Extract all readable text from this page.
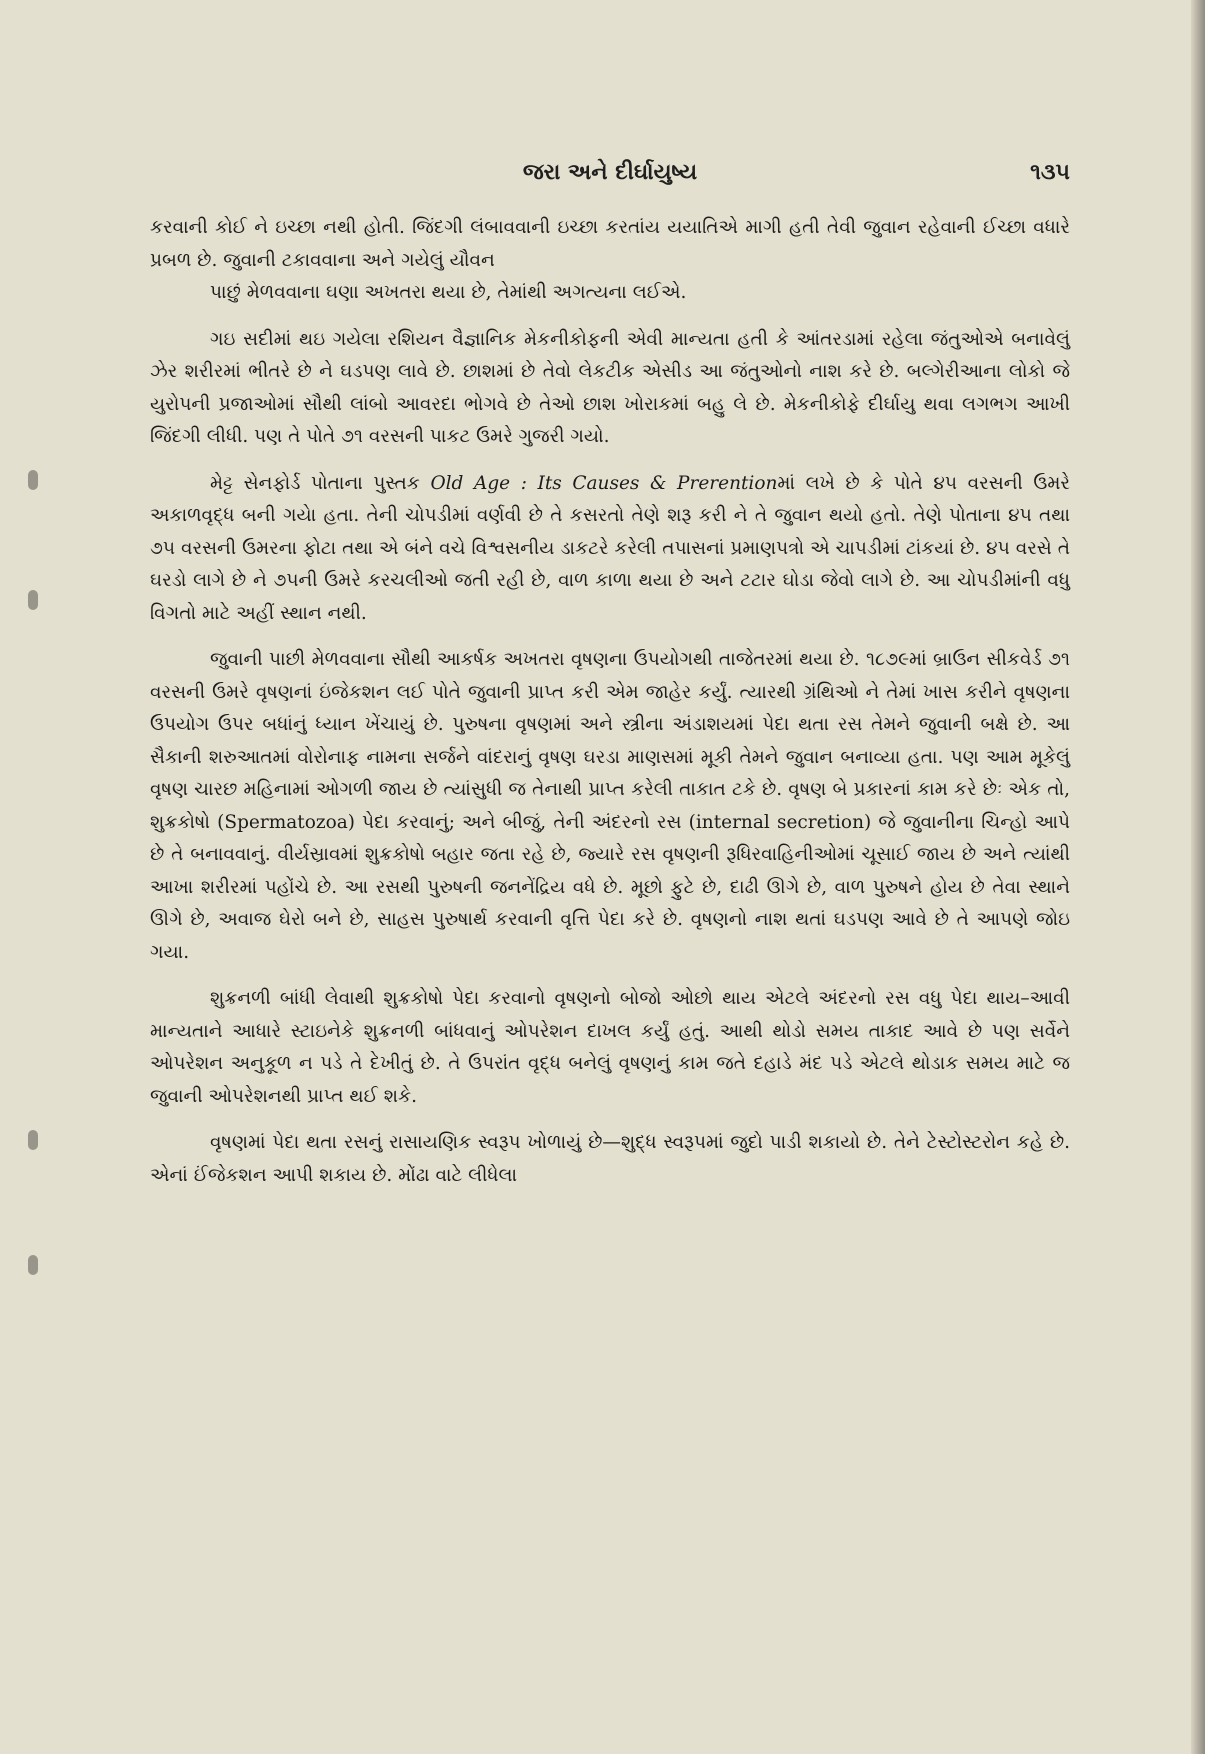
જરા અને દીર્ઘાયુષ્ય	૧૩૫

કરવાની કોઈ ને ઇચ્છા નથી હોતી. જિંદગી લંબાવવાની ઇચ્છા કરતાંય યયાતિએ માગી હતી તેવી જુવાન રહેવાની ઈચ્છા વધારે પ્રબળ છે. જુવાની ટકાવવાના અને ગયેલું યૌવન
પાછું મેળવવાના ઘણા અખતરા થયા છે, તેમાંથી અગત્યના લઈએ.

ગઇ સદીમાં થઇ ગયેલા રશિયન વૈજ્ઞાનિક મેકનીકોફની એવી માન્યતા હતી કે આંતરડામાં રહેલા જંતુઓએ બનાવેલું ઝેર શરીરમાં ભીતરે છે ને ઘડપણ લાવે છે. છાશમાં છે તેવો લેકટીક એસીડ આ જંતુઓનો નાશ કરે છે. બલ્ગેરીઆના લોકો જે યુરોપની પ્રજાઓમાં સૌથી લાંબો આવરદા ભોગવે છે તેઓ છાશ ખોરાકમાં બહુ લે છે. મેકનીકોફે દીર્ઘાયુ થવા લગભગ આખી જિંદગી લીધી. પણ તે પોતે ૭૧ વરસની પાકટ ઉમરે ગુજરી ગયો.

મેટ્ટ સેનફોર્ડ પોતાના પુસ્તક Old Age : Its Causes & Prerentionમાં લખે છે કે પોતે ૪૫ વરસની ઉમરે અકાળવૃદ્ધ બની ગયેા હતા. તેની ચોપડીમાં વર્ણવી છે તે કસરતો તેણે શરૂ કરી ને તે જુવાન થયો હતો. તેણે પોતાના ૪૫ તથા ૭૫ વરસની ઉમરના ફોટા તથા એ બંને વચે વિશ્વસનીય ડાકટરે કરેલી તપાસનાં પ્રમાણપત્રો એ ચાપડીમાં ટાંકયાં છે. ૪૫ વરસે તે ઘરડો લાગે છે ને ૭૫ની ઉમરે કરચલીઓ જતી રહી છે, વાળ કાળા થયા છે અને ટટાર ઘોડા જેવો લાગે છે. આ ચોપડીમાંની વધુ વિગતો માટે અહીં સ્થાન નથી.

જુવાની પાછી મેળવવાના સૌથી આકર્ષક અખતરા વૃષણના ઉપયોગથી તાજેતરમાં થયા છે. ૧૮૭૯માં બ્રાઉન સીકવેર્ડ ૭૧ વરસની ઉમરે વૃષણનાં ઇંજેકશન લઈ પોતે જુવાની પ્રાપ્ત કરી એમ જાહેર કર્યું. ત્યારથી ગ્રંથિઓ ને તેમાં ખાસ કરીને વૃષણના ઉપયોગ ઉપર બધાંનું ધ્યાન ખેંચાયું છે. પુરુષના વૃષણમાં અને સ્ત્રીના અંડાશયમાં પેદા થતા રસ તેમને જુવાની બક્ષે છે. આ સૈકાની શરુઆતમાં વોરોનાફ નામના સર્જને વાંદરાનું વૃષણ ઘરડા માણસમાં મૂકી તેમને જુવાન બનાવ્યા હતા. પણ આમ મૂકેલું વૃષણ ચારછ મહિનામાં ઓગળી જાય છે ત્યાંસુધી જ તેનાથી પ્રાપ્ત કરેલી તાકાત ટકે છે. વૃષણ બે પ્રકારનાં કામ કરે છેઃ એક તો, શુક્રકોષો (Spermatozoa) પેદા કરવાનું; અને બીજું, તેની અંદરનો રસ (internal secretion) જે જુવાનીના ચિન્હો આપે છે તે બનાવવાનું. વીર્યસ્રાવમાં શુક્રકોષો બહાર જતા રહે છે, જ્યારે રસ વૃષણની રૂધિરવાહિનીઓમાં ચૂસાઈ જાય છે અને ત્યાંથી આખા શરીરમાં પહોંચે છે. આ રસથી પુરુષની જનનેંદ્રિય વધે છે. મૂછો ફુટે છે, દાઢી ઊગે છે, વાળ પુરુષને હોય છે તેવા સ્થાને ઊગે છે, અવાજ ઘેરો બને છે, સાહસ પુરુષાર્થ કરવાની વૃત્તિ પેદા કરે છે. વૃષણનો નાશ થતાં ઘડપણ આવે છે તે આપણે જોઇ ગયા.

શુક્રનળી બાંધી લેવાથી શુક્રકોષો પેદા કરવાનો વૃષણનો બોજો ઓછો થાય એટલે અંદરનો રસ વધુ પેદા થાય–આવી માન્યતાને આધારે સ્ટાઇનેકે શુક્રનળી બાંધવાનું ઓપરેશન દાખલ કર્યું હતું. આથી થોડો સમય તાકાદ આવે છે પણ સર્વેને ઓપરેશન અનુકૂળ ન પડે તે દેખીતું છે. તે ઉપરાંત વૃદ્ધ બનેલું વૃષણનું કામ જતે દહાડે મંદ પડે એટલે થોડાક સમય માટે જ જુવાની ઓપરેશનથી પ્રાપ્ત થઈ શકે.

વૃષણમાં પેદા થતા રસનું રાસાયણિક સ્વરૂપ ખોળાયું છે—શુદ્ધ સ્વરૂપમાં જુદો પાડી શકાયો છે. તેને ટેસ્ટોસ્ટરોન કહે છે. એનાં ઈંજેકશન આપી શકાય છે. મોંઢા વાટે લીધેલા
